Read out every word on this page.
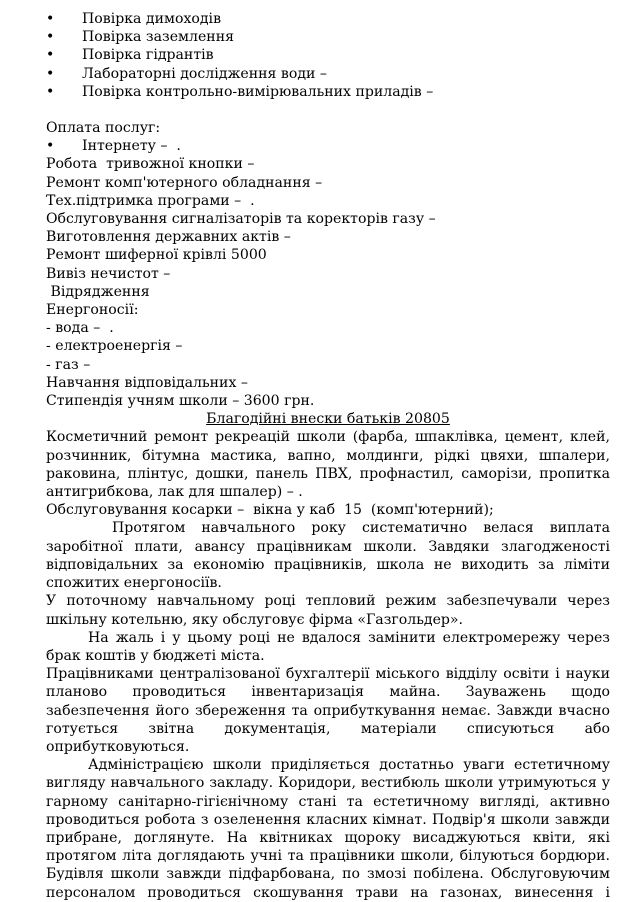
• Повірка димоходів
• Повірка заземлення
• Повірка гідрантів
• Лабораторні дослідження води –
• Повірка контрольно-вимірювальних приладів –
Оплата послуг:
• Інтернету –  .
Робота  тривожної кнопки –
Ремонт комп'ютерного обладнання –
Тех.підтримка програми –  .
Обслуговування сигналізаторів та коректорів газу –
Виготовлення державних актів –
Ремонт шиферної крівлі 5000
Вивіз нечистот –
Відрядження
Енергоносії:
- вода –  .
- електроенергія –
- газ –
Навчання відповідальних –
Стипендія учням школи – 3600 грн.
Благодійні внески батьків 20805
Косметичний ремонт рекреацій школи (фарба, шпаклівка, цемент, клей, розчинник, бітумна мастика, вапно, молдинги, рідкі цвяхи, шпалери, раковина, плінтус, дошки, панель ПВХ, профнастил, саморізи, пропитка антигрибкова, лак для шпалер) – .
Обслуговування косарки –  вікна у каб  15  (комп'ютерний);
Протягом навчального року систематично велася виплата заробітної плати, авансу працівникам школи. Завдяки злагодженості відповідальних за економію працівників, школа не виходить за ліміти спожитих енергоносіїв.
У поточному навчальному році тепловий режим забезпечували через шкільну котельню, яку обслуговує фірма «Газгольдер».
На жаль і у цьому році не вдалося замінити електромережу через брак коштів у бюджеті міста.
Працівниками централізованої бухгалтерії міського відділу освіти і науки планово проводиться інвентаризація майна. Зауважень щодо забезпечення його збереження та оприбуткування немає. Завжди вчасно готується звітна документація, матеріали списуються або оприбутковуються.
Адміністрацією школи приділяється достатньо уваги естетичному вигляду навчального закладу. Коридори, вестибюль школи утримуються у гарному санітарно-гігієнічному стані та естетичному вигляді, активно проводиться робота з озеленення класних кімнат. Подвір'я школи завжди прибране, доглянуте. На квітниках щороку висаджуються квіти, які протягом літа доглядають учні та працівники школи, білуються бордюри. Будівля школи завжди підфарбована, по змозі побілена. Обслуговуючим персоналом проводиться скошування трави на газонах, винесення і
